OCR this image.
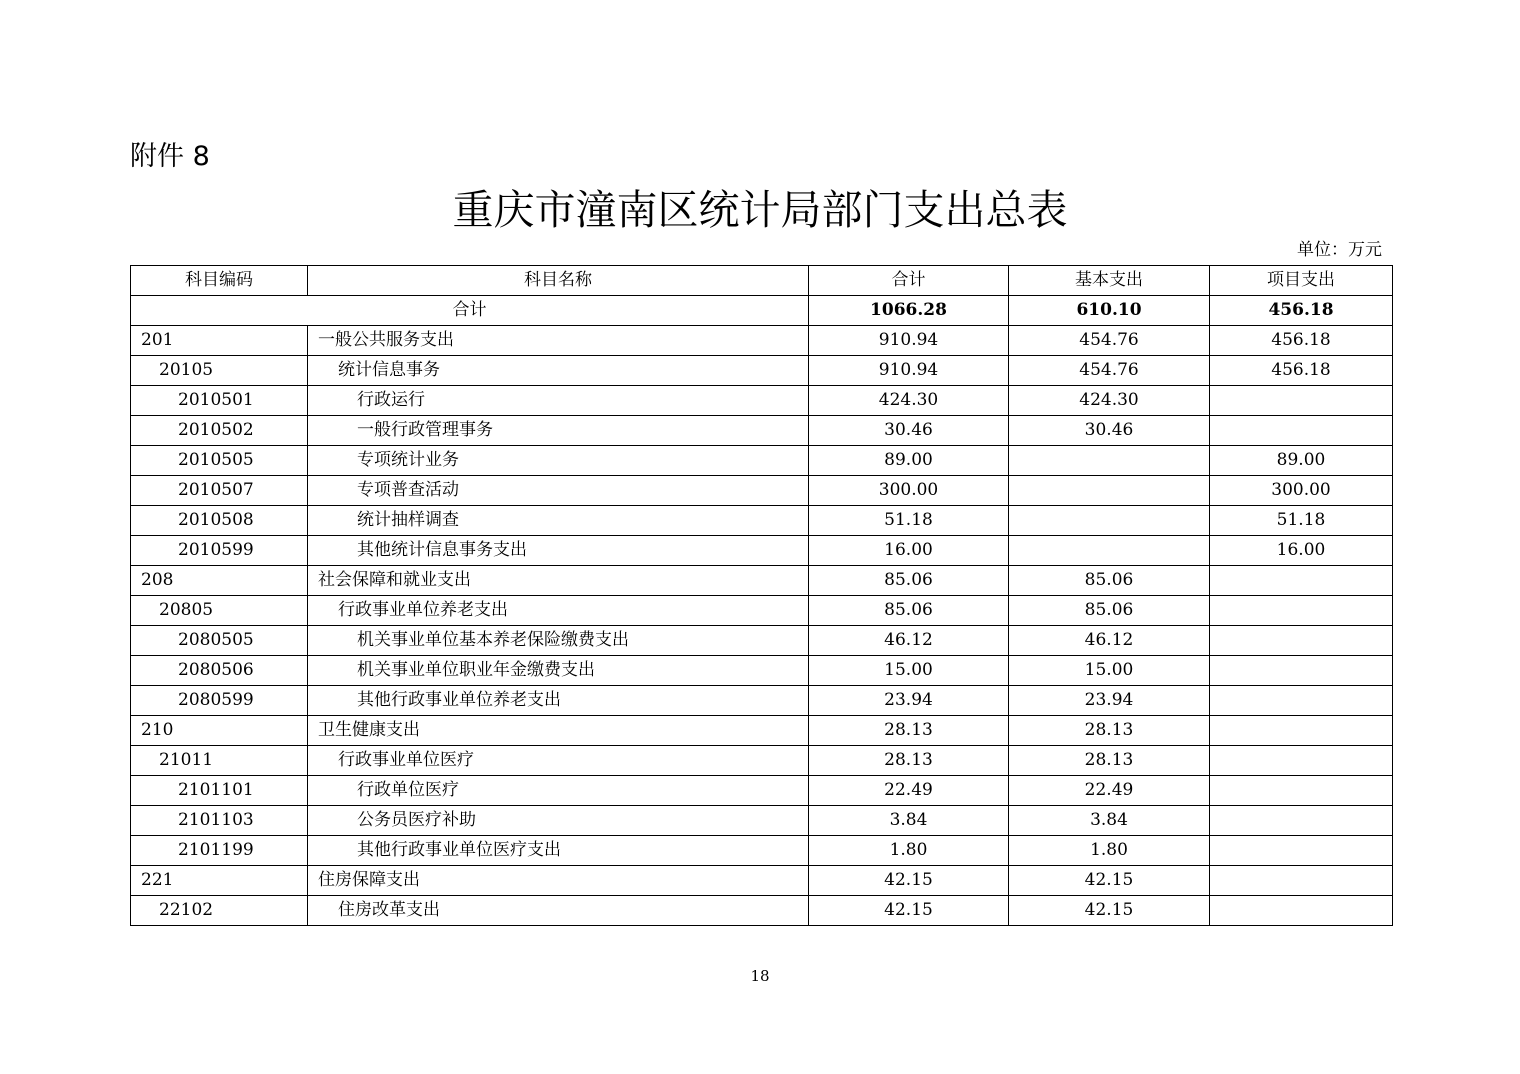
附件 8
重庆市潼南区统计局部门支出总表
单位：万元
科目编码	科目名称	合计	基本支出	项目支出
合计		1066.28	610.10	456.18
201	一般公共服务支出	910.94	454.76	456.18
20105	统计信息事务	910.94	454.76	456.18
2010501	行政运行	424.30	424.30	
2010502	一般行政管理事务	30.46	30.46	
2010505	专项统计业务	89.00		89.00
2010507	专项普查活动	300.00		300.00
2010508	统计抽样调查	51.18		51.18
2010599	其他统计信息事务支出	16.00		16.00
208	社会保障和就业支出	85.06	85.06	
20805	行政事业单位养老支出	85.06	85.06	
2080505	机关事业单位基本养老保险缴费支出	46.12	46.12	
2080506	机关事业单位职业年金缴费支出	15.00	15.00	
2080599	其他行政事业单位养老支出	23.94	23.94	
210	卫生健康支出	28.13	28.13	
21011	行政事业单位医疗	28.13	28.13	
2101101	行政单位医疗	22.49	22.49	
2101103	公务员医疗补助	3.84	3.84	
2101199	其他行政事业单位医疗支出	1.80	1.80	
221	住房保障支出	42.15	42.15	
22102	住房改革支出	42.15	42.15	
18
